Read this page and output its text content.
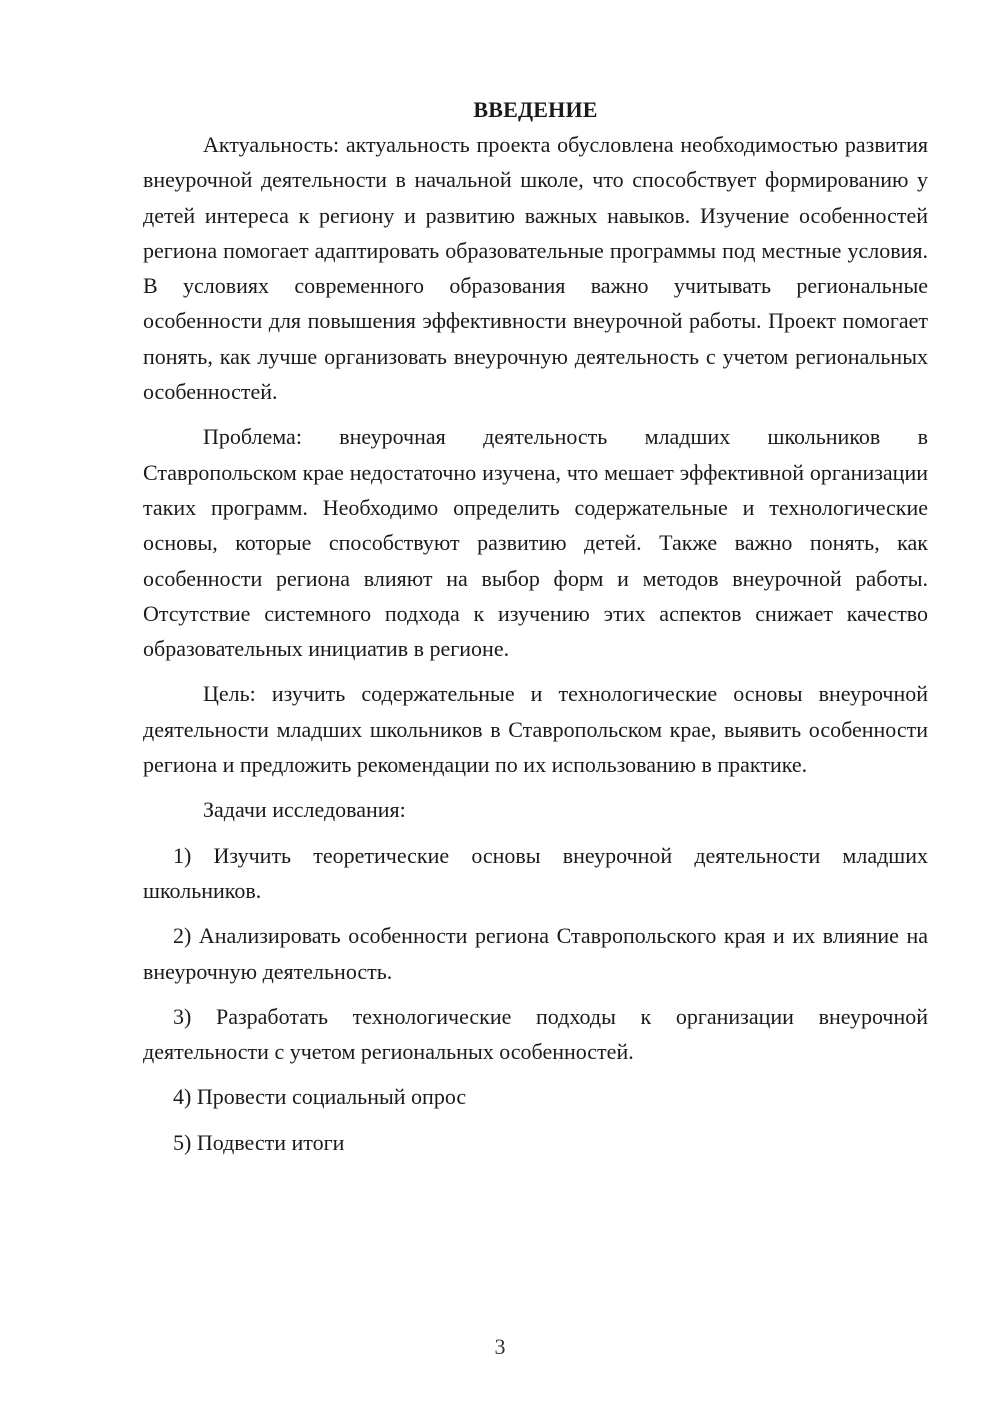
ВВЕДЕНИЕ

Актуальность: актуальность проекта обусловлена необходимостью развития внеурочной деятельности в начальной школе, что способствует формированию у детей интереса к региону и развитию важных навыков. Изучение особенностей региона помогает адаптировать образовательные программы под местные условия. В условиях современного образования важно учитывать региональные особенности для повышения эффективности внеурочной работы. Проект помогает понять, как лучше организовать внеурочную деятельность с учетом региональных особенностей.

Проблема: внеурочная деятельность младших школьников в Ставропольском крае недостаточно изучена, что мешает эффективной организации таких программ. Необходимо определить содержательные и технологические основы, которые способствуют развитию детей. Также важно понять, как особенности региона влияют на выбор форм и методов внеурочной работы. Отсутствие системного подхода к изучению этих аспектов снижает качество образовательных инициатив в регионе.

Цель: изучить содержательные и технологические основы внеурочной деятельности младших школьников в Ставропольском крае, выявить особенности региона и предложить рекомендации по их использованию в практике.

Задачи исследования:

1) Изучить теоретические основы внеурочной деятельности младших школьников.

2) Анализировать особенности региона Ставропольского края и их влияние на внеурочную деятельность.

3) Разработать технологические подходы к организации внеурочной деятельности с учетом региональных особенностей.

4) Провести социальный опрос

5) Подвести итоги

3
